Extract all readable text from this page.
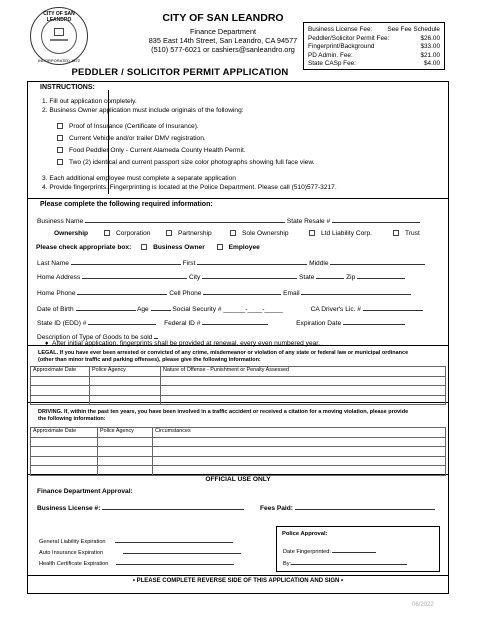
CITY OF SAN LEANDRO
INCORPORATED 1872
CITY OF SAN LEANDRO
Finance Department
835 East 14th Street, San Leandro, CA 94577
(510) 577-6021 or cashiers@sanleandro.org
PEDDLER / SOLICITOR PERMIT APPLICATION
Business License Fee: See Fee Schedule
Peddler/Solicitor Permit Fee:	$26.00
Fingerprint/Background	$33.00
PD Admin. Fee:	$21.00
State CASp Fee:	$4.00
INSTRUCTIONS:
1. Fill out application completely.
2. Business Owner application must include originals of the following:
Proof of Insurance (Certificate of Insurance).
Current Vehicle and/or trailer DMV registration.
Food Peddler Only - Current Alameda County Health Permit.
Two (2) identical and current passport size color photographs showing full face view.
3. Each additional employee must complete a separate application
4. Provide fingerprints. Fingerprinting is located at the Police Department. Please call (510)577-3217.
Please complete the following required information:
Business Name	State Resale #
Ownership	Corporation	Partnership	Sole Ownership	Ltd Liability Corp.	Trust
Please check appropriate box:	Business Owner	Employee
Last Name	First	Middle
Home Address	City	State	Zip
Home Phone	Cell Phone	Email
Date of Birth	Age	Social Security # ______-____-_____	CA Driver's Lic. #
State ID (EDD) #	Federal ID #	Expiration Date
Description of Type of Goods to be sold
♦ After initial application, fingerprints shall be provided at renewal, every even numbered year.
LEGAL. If you have ever been arrested or convicted of any crime, misdemeanor or violation of any state or federal law or municipal ordinance
(other than minor traffic and parking offenses), please give the following information:
Approximate Date	Police Agency	Nature of Offense - Punishment or Penalty Assessed

DRIVING. If, within the past ten years, you have been involved in a traffic accident or received a citation for a moving violation, please provide
the following information:
Approximate Date	Police Agency	Circumstances

OFFICIAL USE ONLY
Finance Department Approval:
Business License #:	Fees Paid:
General Liability Expiration
Auto Insurance Expiration
Health Certificate Expiration
Police Approval:
Date Fingerprinted:
By:
• PLEASE COMPLETE REVERSE SIDE OF THIS APPLICATION AND SIGN •
06/2022
